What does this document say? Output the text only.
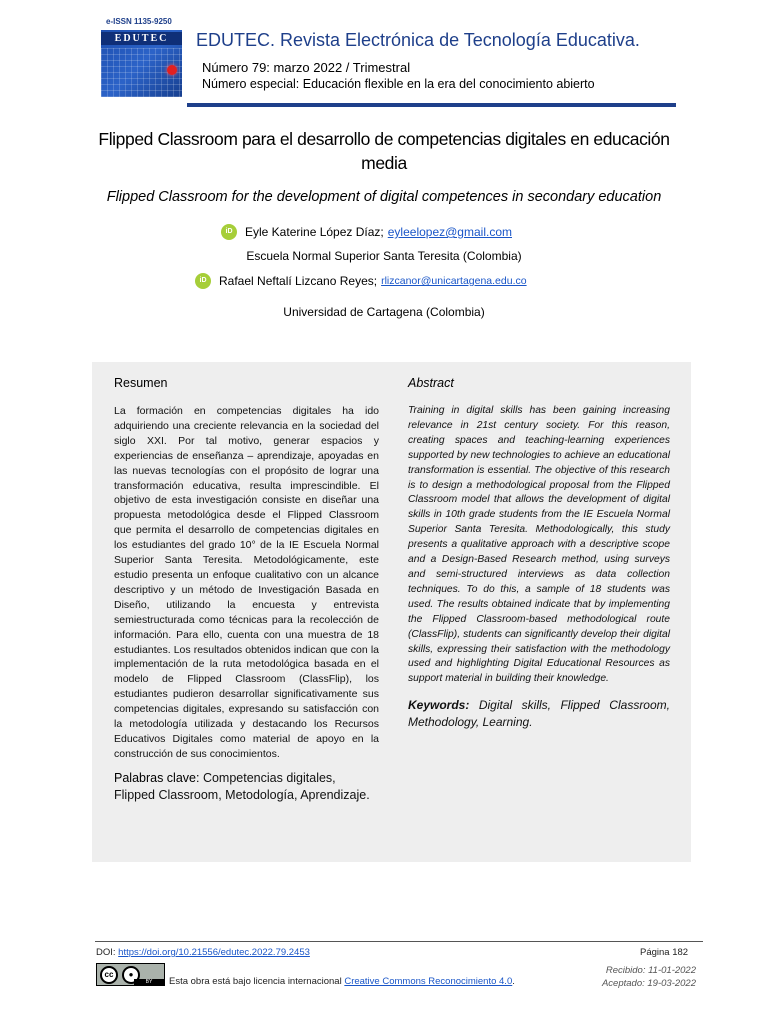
e-ISSN 1135-9250
EDUTEC	EDUTEC. Revista Electrónica de Tecnología Educativa.
Número 79: marzo 2022 / Trimestral
Número especial: Educación flexible en la era del conocimiento abierto
Flipped Classroom para el desarrollo de competencias digitales en educación media
Flipped Classroom for the development of digital competences in secondary education
iD	Eyle Katerine López Díaz; eyleelopez@gmail.com
Escuela Normal Superior Santa Teresita (Colombia)
iD	Rafael Neftalí Lizcano Reyes; rlizcanor@unicartagena.edu.co
Universidad de Cartagena (Colombia)
Resumen
La formación en competencias digitales ha ido adquiriendo una creciente relevancia en la sociedad del siglo XXI. Por tal motivo, generar espacios y experiencias de enseñanza – aprendizaje, apoyadas en las nuevas tecnologías con el propósito de lograr una transformación educativa, resulta imprescindible. El objetivo de esta investigación consiste en diseñar una propuesta metodológica desde el Flipped Classroom que permita el desarrollo de competencias digitales en los estudiantes del grado 10° de la IE Escuela Normal Superior Santa Teresita. Metodológicamente, este estudio presenta un enfoque cualitativo con un alcance descriptivo y un método de Investigación Basada en Diseño, utilizando la encuesta y entrevista semiestructurada como técnicas para la recolección de información. Para ello, cuenta con una muestra de 18 estudiantes. Los resultados obtenidos indican que con la implementación de la ruta metodológica basada en el modelo de Flipped Classroom (ClassFlip), los estudiantes pudieron desarrollar significativamente sus competencias digitales, expresando su satisfacción con la metodología utilizada y destacando los Recursos Educativos Digitales como material de apoyo en la construcción de sus conocimientos.
Palabras clave: Competencias digitales, Flipped Classroom, Metodología, Aprendizaje.
Abstract
Training in digital skills has been gaining increasing relevance in 21st century society. For this reason, creating spaces and teaching-learning experiences supported by new technologies to achieve an educational transformation is essential. The objective of this research is to design a methodological proposal from the Flipped Classroom model that allows the development of digital skills in 10th grade students from the IE Escuela Normal Superior Santa Teresita. Methodologically, this study presents a qualitative approach with a descriptive scope and a Design-Based Research method, using surveys and semi-structured interviews as data collection techniques. To do this, a sample of 18 students was used. The results obtained indicate that by implementing the Flipped Classroom-based methodological route (ClassFlip), students can significantly develop their digital skills, expressing their satisfaction with the methodology used and highlighting Digital Educational Resources as support material in building their knowledge.
Keywords: Digital skills, Flipped Classroom, Methodology, Learning.
DOI: https://doi.org/10.21556/edutec.2022.79.2453	Página 182
cc	●
BY	Esta obra está bajo licencia internacional Creative Commons Reconocimiento 4.0.
Recibido: 11-01-2022
Aceptado: 19-03-2022
